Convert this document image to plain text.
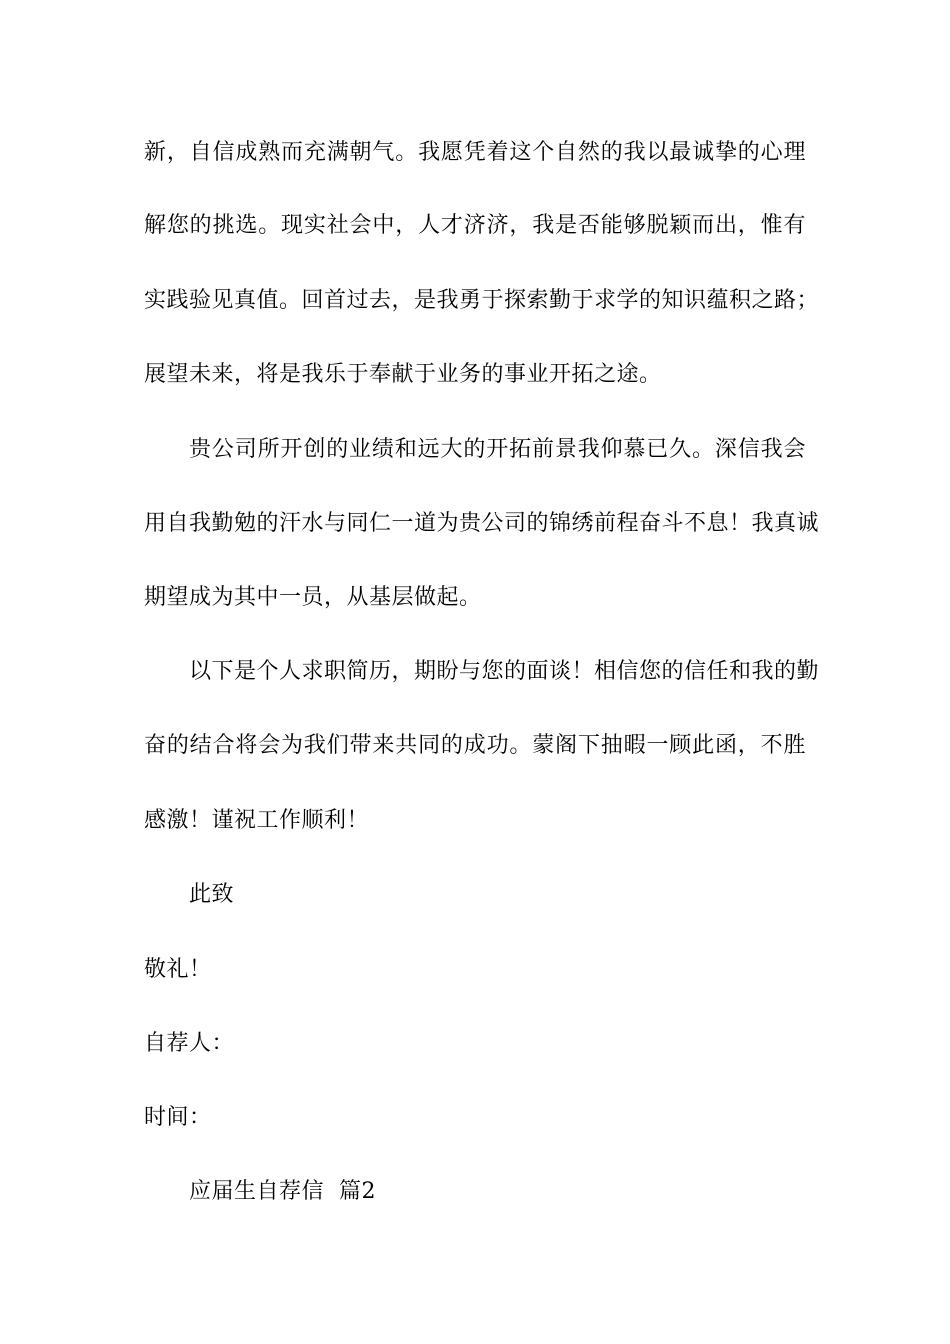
新，自信成熟而充满朝气。我愿凭着这个自然的我以最诚挚的心理
解您的挑选。现实社会中，人才济济，我是否能够脱颖而出，惟有
实践验见真值。回首过去，是我勇于探索勤于求学的知识蕴积之路；
展望未来，将是我乐于奉献于业务的事业开拓之途。
贵公司所开创的业绩和远大的开拓前景我仰慕已久。深信我会
用自我勤勉的汗水与同仁一道为贵公司的锦绣前程奋斗不息！我真诚
期望成为其中一员，从基层做起。
以下是个人求职简历，期盼与您的面谈！相信您的信任和我的勤
奋的结合将会为我们带来共同的成功。蒙阁下抽暇一顾此函，不胜
感激！谨祝工作顺利！
此致
敬礼！
自荐人：
时间：
应届生自荐信  篇2
